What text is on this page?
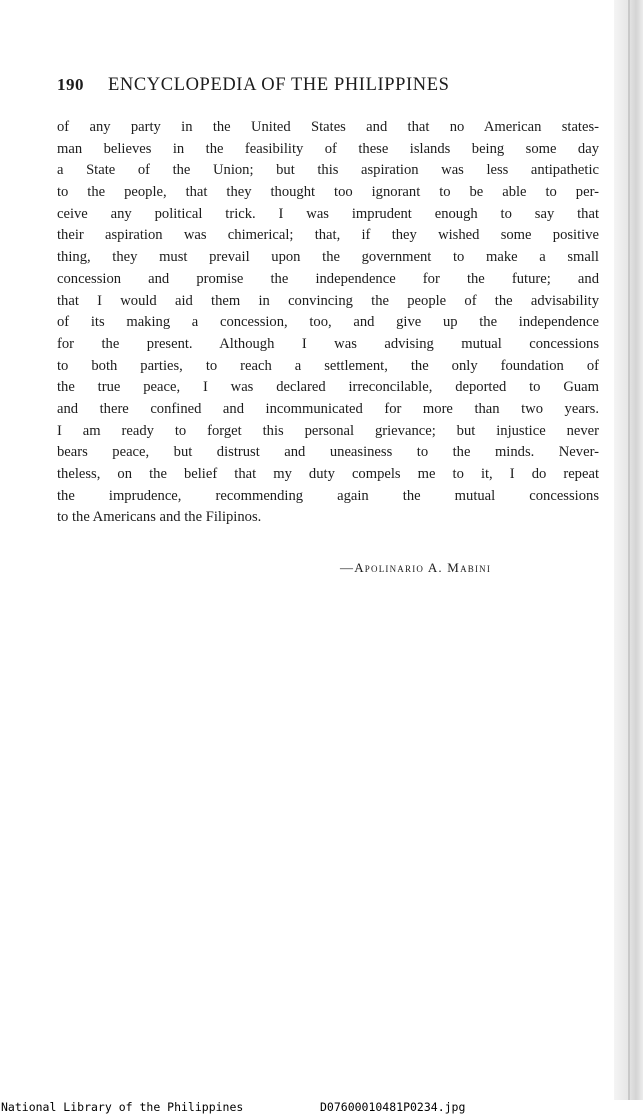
190 ENCYCLOPEDIA OF THE PHILIPPINES
of any party in the United States and that no American states-
man believes in the feasibility of these islands being some day
a State of the Union; but this aspiration was less antipathetic
to the people, that they thought too ignorant to be able to per-
ceive any political trick. I was imprudent enough to say that
their aspiration was chimerical; that, if they wished some positive
thing, they must prevail upon the government to make a small
concession and promise the independence for the future; and
that I would aid them in convincing the people of the advisability
of its making a concession, too, and give up the independence
for the present. Although I was advising mutual concessions
to both parties, to reach a settlement, the only foundation of
the true peace, I was declared irreconcilable, deported to Guam
and there confined and incommunicated for more than two years.
I am ready to forget this personal grievance; but injustice never
bears peace, but distrust and uneasiness to the minds. Never-
theless, on the belief that my duty compels me to it, I do repeat
the imprudence, recommending again the mutual concessions
to the Americans and the Filipinos.
—Apolinario A. Mabini
National Library of the Philippines	D07600010481P0234.jpg
